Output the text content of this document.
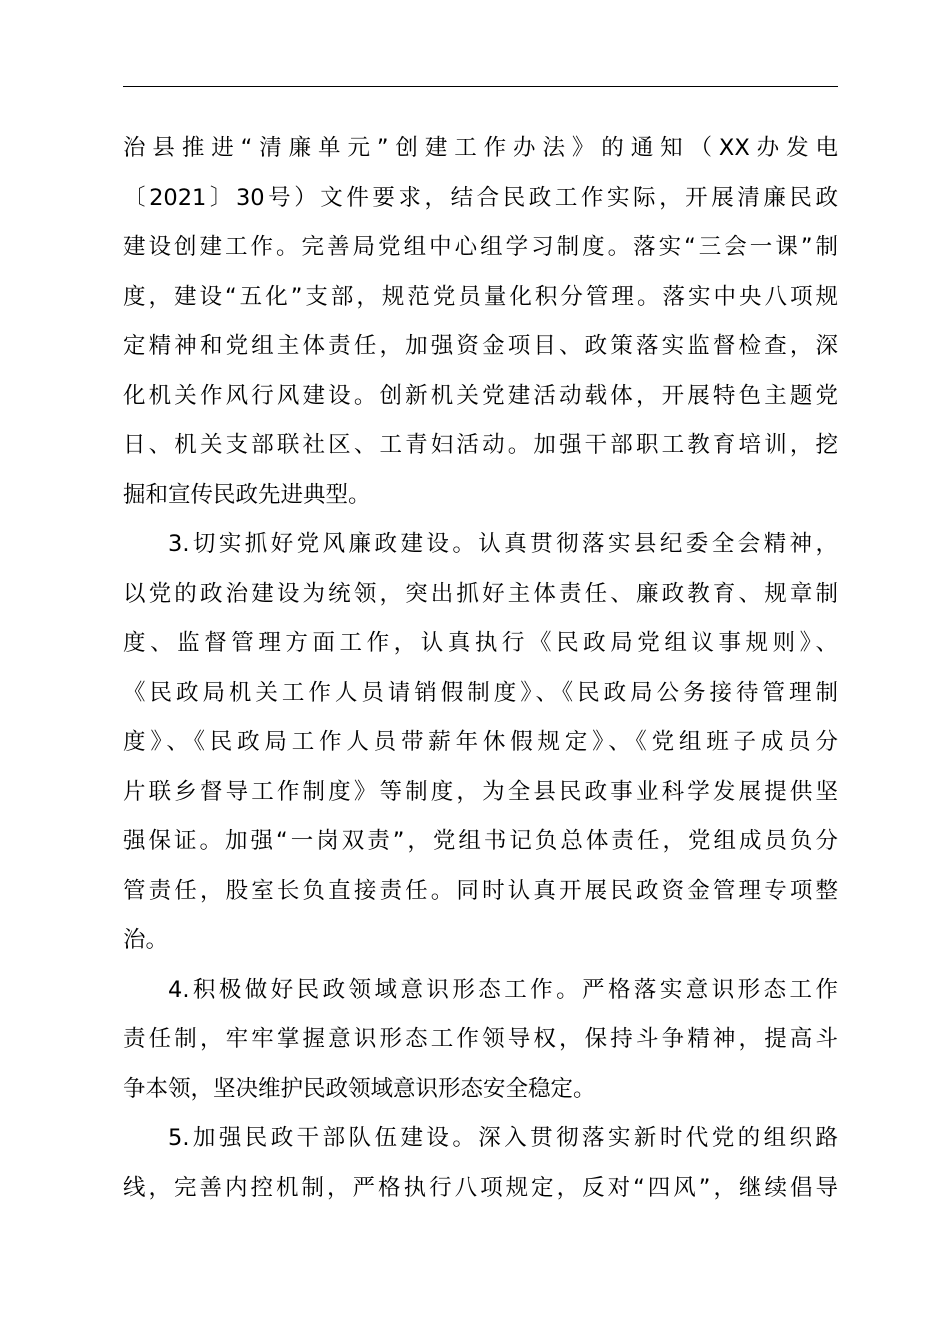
治县推进“清廉单元”创建工作办法》的通知（XX办发电
〔2021〕30号）文件要求，结合民政工作实际，开展清廉民政
建设创建工作。完善局党组中心组学习制度。落实“三会一课”制
度，建设“五化”支部，规范党员量化积分管理。落实中央八项规
定精神和党组主体责任，加强资金项目、政策落实监督检查，深
化机关作风行风建设。创新机关党建活动载体，开展特色主题党
日、机关支部联社区、工青妇活动。加强干部职工教育培训，挖
掘和宣传民政先进典型。
3.切实抓好党风廉政建设。认真贯彻落实县纪委全会精神，
以党的政治建设为统领，突出抓好主体责任、廉政教育、规章制
度、监督管理方面工作，认真执行《民政局党组议事规则》、
《民政局机关工作人员请销假制度》、《民政局公务接待管理制
度》、《民政局工作人员带薪年休假规定》、《党组班子成员分
片联乡督导工作制度》等制度，为全县民政事业科学发展提供坚
强保证。加强“一岗双责”，党组书记负总体责任，党组成员负分
管责任，股室长负直接责任。同时认真开展民政资金管理专项整
治。
4.积极做好民政领域意识形态工作。严格落实意识形态工作
责任制，牢牢掌握意识形态工作领导权，保持斗争精神，提高斗
争本领，坚决维护民政领域意识形态安全稳定。
5.加强民政干部队伍建设。深入贯彻落实新时代党的组织路
线，完善内控机制，严格执行八项规定，反对“四风”，继续倡导
